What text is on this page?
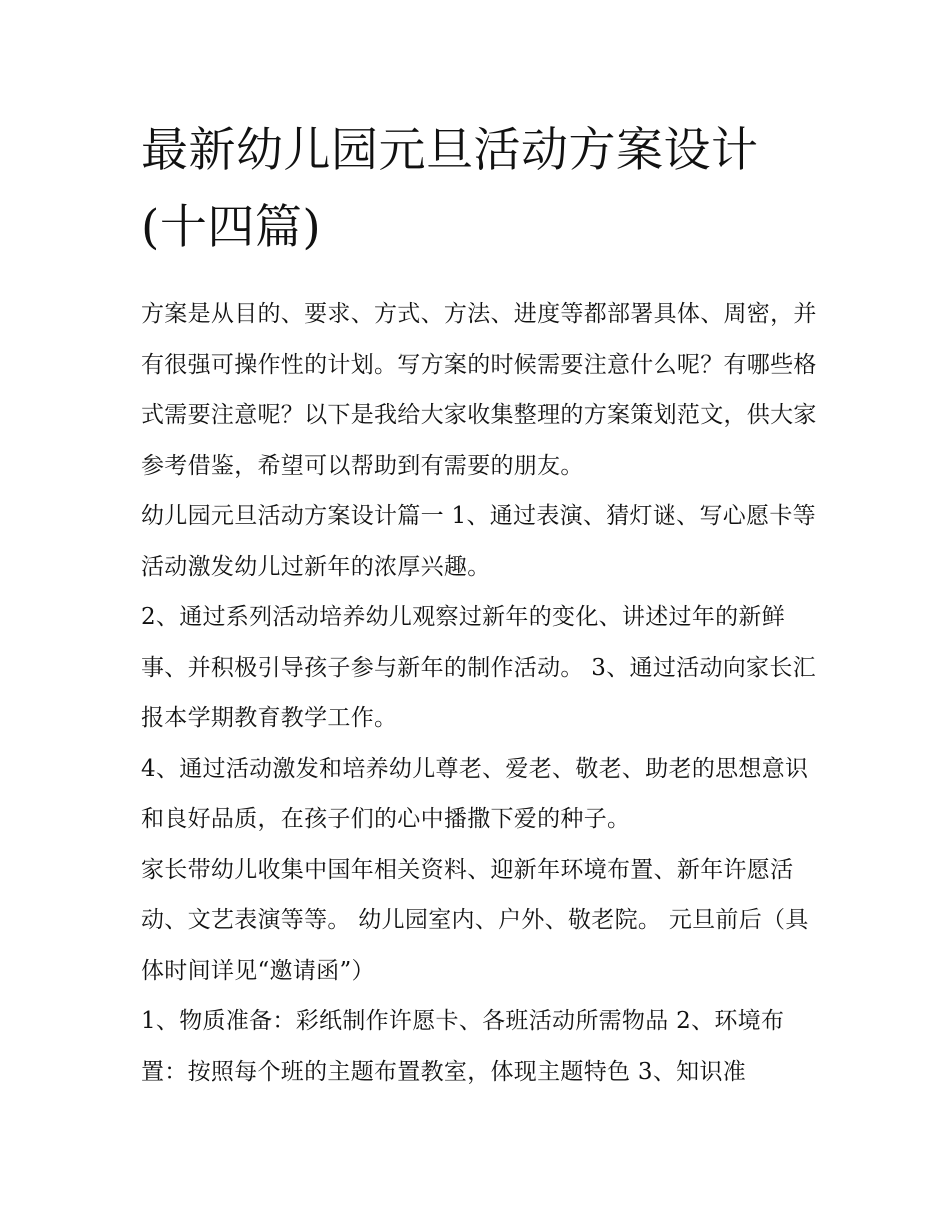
最新幼儿园元旦活动方案设计
(十四篇)

方案是从目的、要求、方式、方法、进度等都部署具体、周密，并有很强可操作性的计划。写方案的时候需要注意什么呢？有哪些格式需要注意呢？以下是我给大家收集整理的方案策划范文，供大家参考借鉴，希望可以帮助到有需要的朋友。

幼儿园元旦活动方案设计篇一 1、通过表演、猜灯谜、写心愿卡等活动激发幼儿过新年的浓厚兴趣。

2、通过系列活动培养幼儿观察过新年的变化、讲述过年的新鲜事、并积极引导孩子参与新年的制作活动。 3、通过活动向家长汇报本学期教育教学工作。

4、通过活动激发和培养幼儿尊老、爱老、敬老、助老的思想意识和良好品质，在孩子们的心中播撒下爱的种子。

家长带幼儿收集中国年相关资料、迎新年环境布置、新年许愿活动、文艺表演等等。 幼儿园室内、户外、敬老院。 元旦前后（具体时间详见“邀请函”）

1、物质准备：彩纸制作许愿卡、各班活动所需物品 2、环境布置：按照每个班的主题布置教室，体现主题特色 3、知识准
